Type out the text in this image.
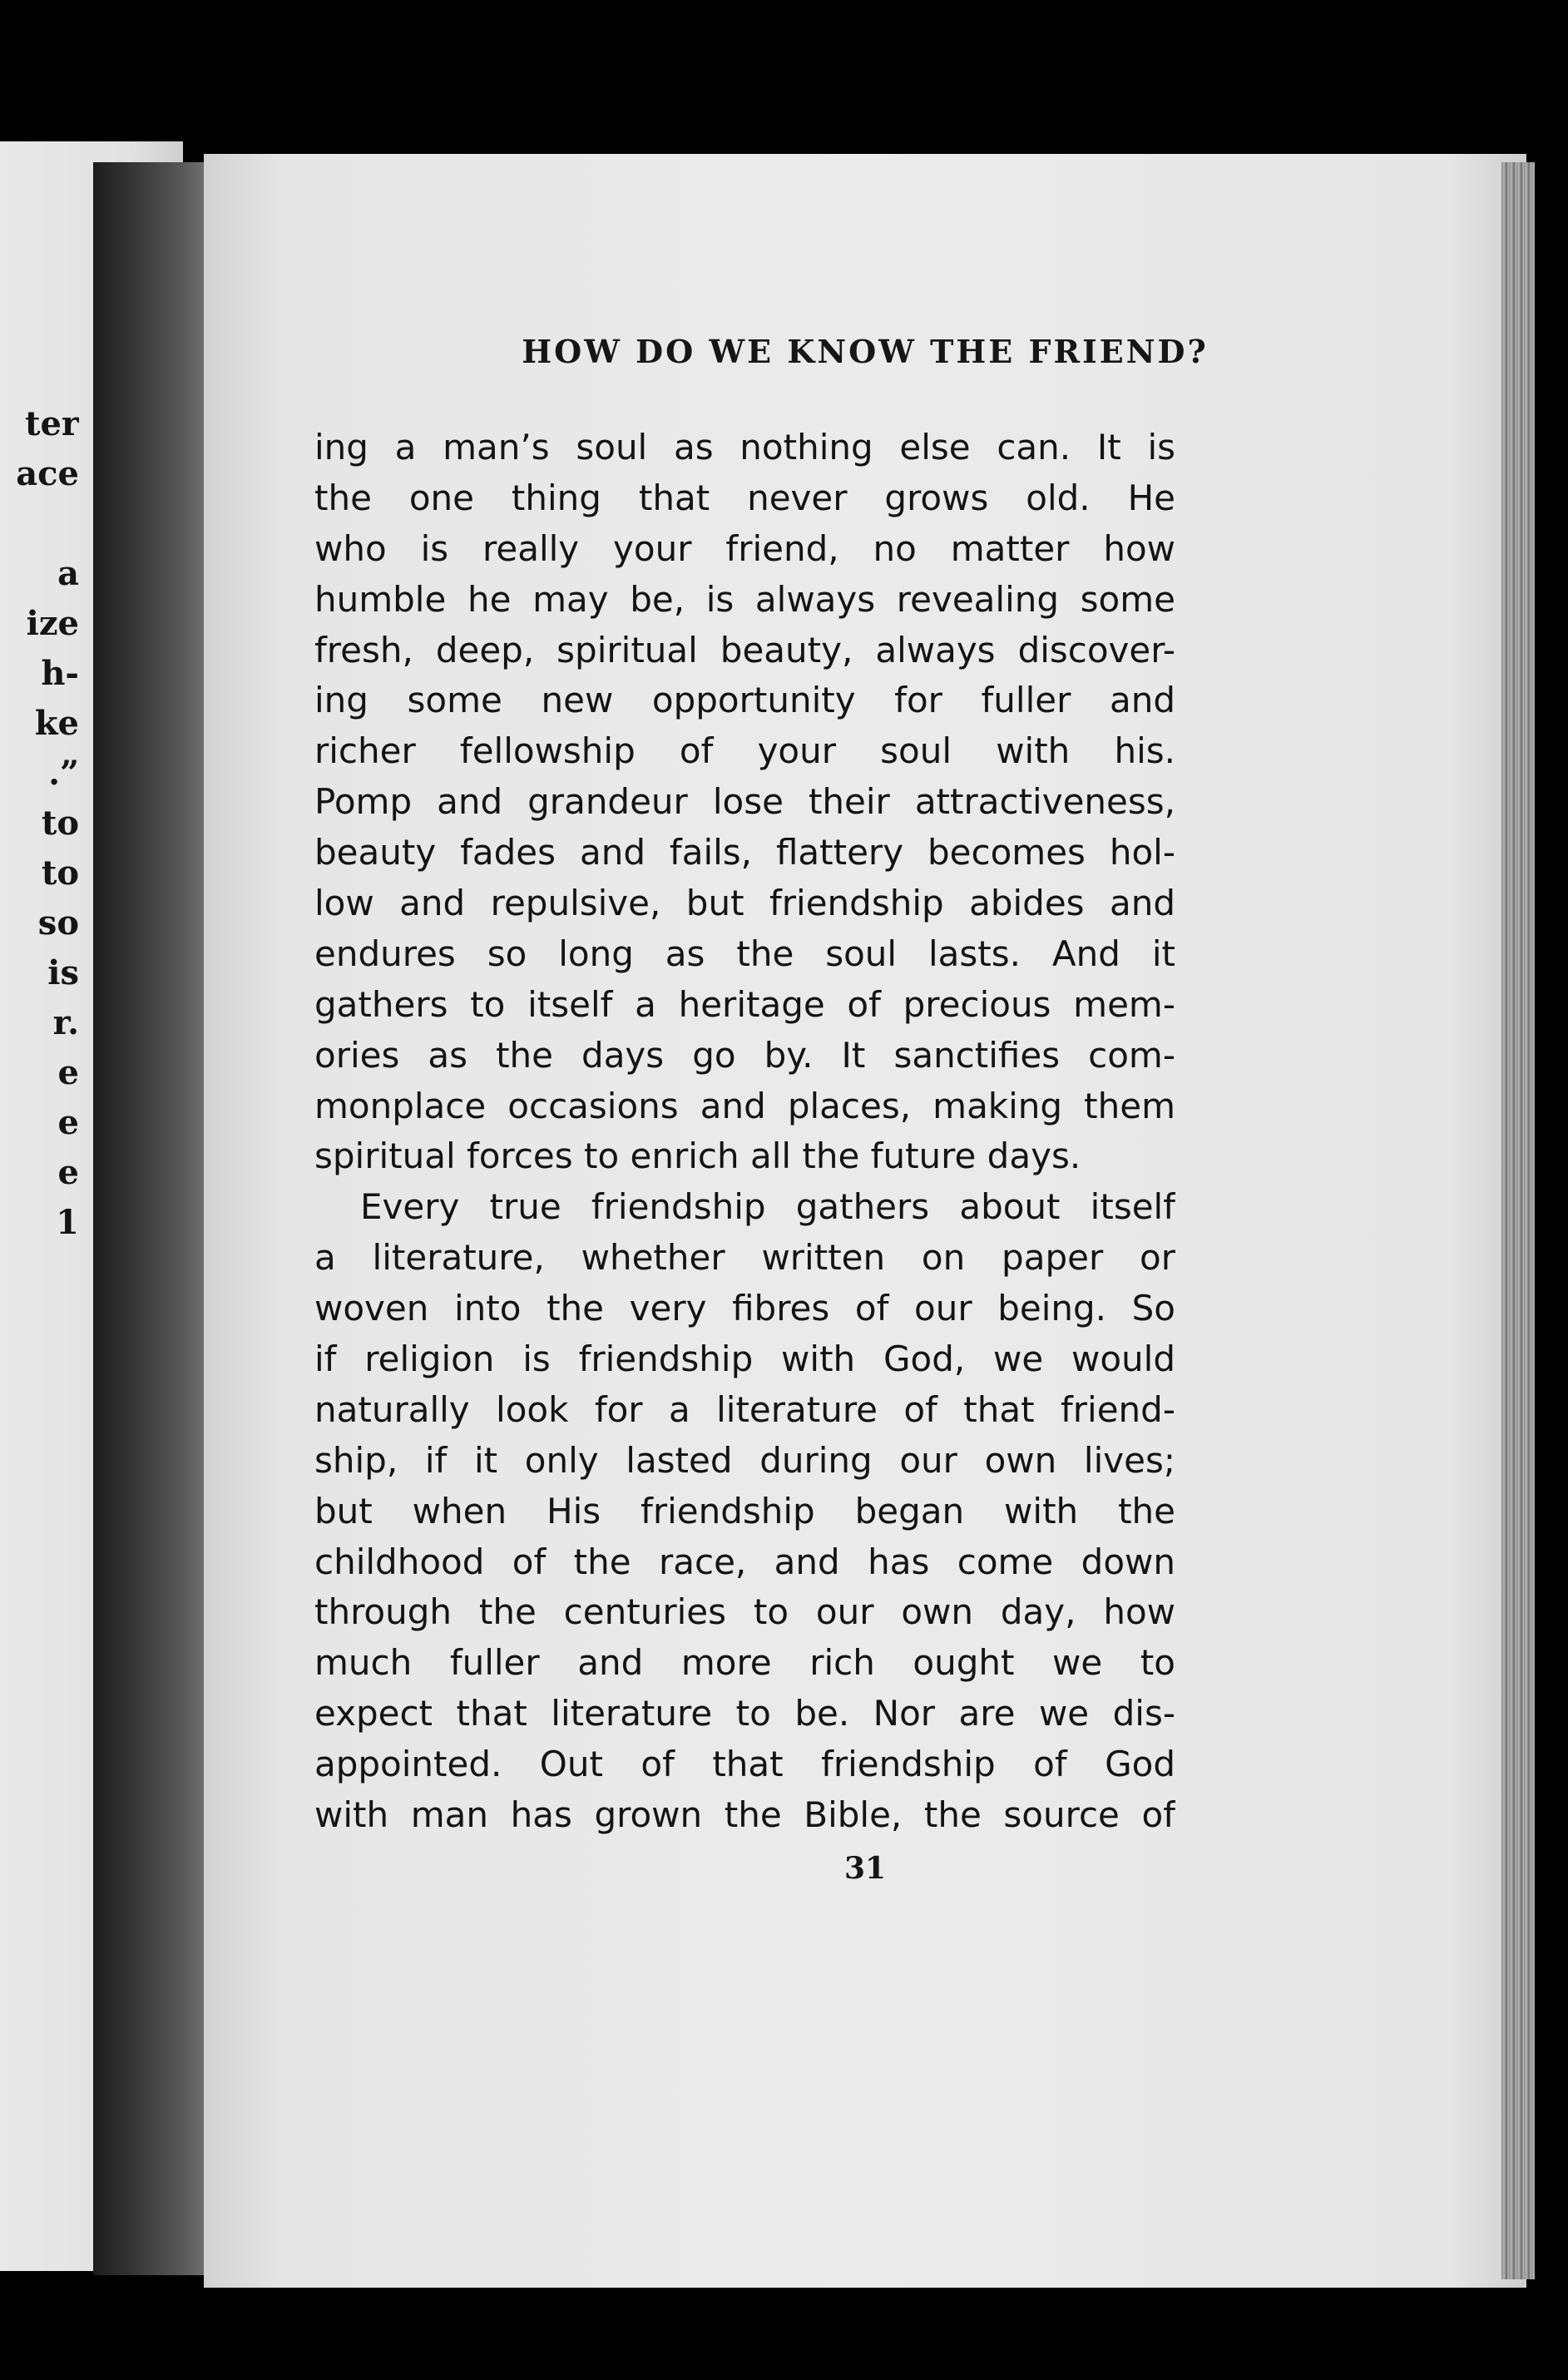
ter
ace
a
ize
h-
ke
.”
to
to
so
is
r.
e
e
e
1
HOW DO WE KNOW THE FRIEND?
ing a man’s soul as nothing else can. It is
the one thing that never grows old. He
who is really your friend, no matter how
humble he may be, is always revealing some
fresh, deep, spiritual beauty, always discover-
ing some new opportunity for fuller and
richer fellowship of your soul with his.
Pomp and grandeur lose their attractiveness,
beauty fades and fails, flattery becomes hol-
low and repulsive, but friendship abides and
endures so long as the soul lasts. And it
gathers to itself a heritage of precious mem-
ories as the days go by. It sanctifies com-
monplace occasions and places, making them
spiritual forces to enrich all the future days.
Every true friendship gathers about itself
a literature, whether written on paper or
woven into the very fibres of our being. So
if religion is friendship with God, we would
naturally look for a literature of that friend-
ship, if it only lasted during our own lives;
but when His friendship began with the
childhood of the race, and has come down
through the centuries to our own day, how
much fuller and more rich ought we to
expect that literature to be. Nor are we dis-
appointed. Out of that friendship of God
with man has grown the Bible, the source of

31
